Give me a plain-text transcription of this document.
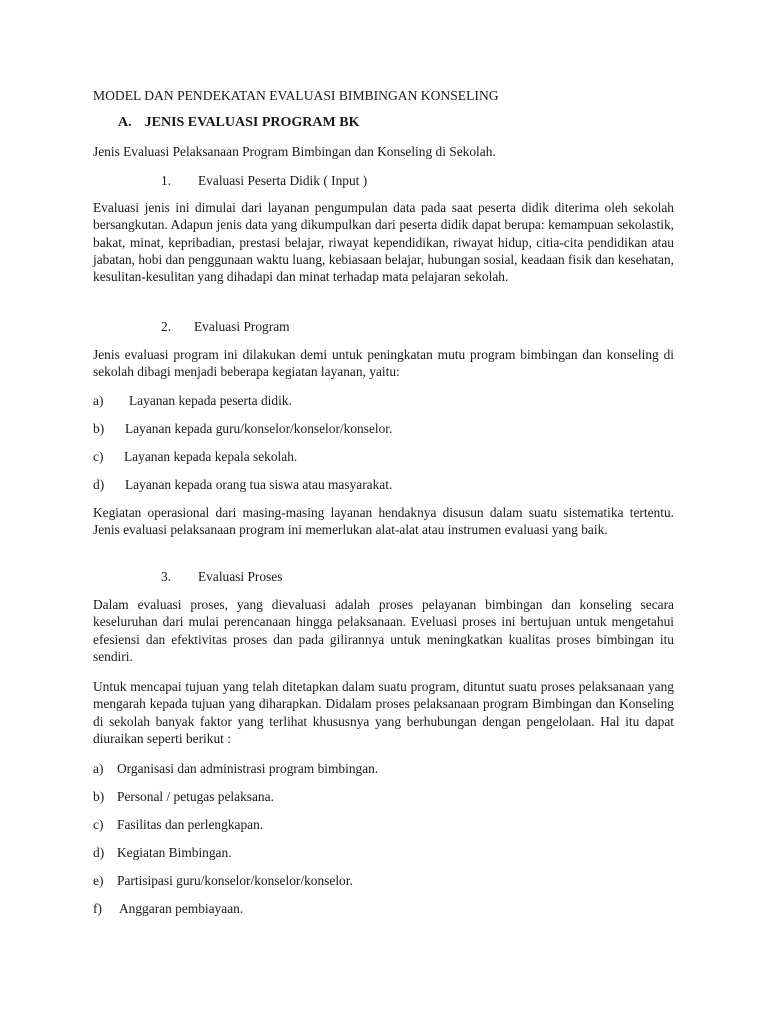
MODEL DAN PENDEKATAN EVALUASI BIMBINGAN KONSELING
A. JENIS EVALUASI PROGRAM BK
Jenis Evaluasi Pelaksanaan Program Bimbingan dan Konseling di Sekolah.
1. Evaluasi Peserta Didik ( Input )

Evaluasi jenis ini dimulai dari layanan pengumpulan data pada saat peserta didik diterima oleh sekolah bersangkutan. Adapun jenis data yang dikumpulkan dari peserta didik dapat berupa: kemampuan sekolastik, bakat, minat, kepribadian, prestasi belajar, riwayat kependidikan, riwayat hidup, citia-cita pendidikan atau jabatan, hobi dan penggunaan waktu luang, kebiasaan belajar, hubungan sosial, keadaan fisik dan kesehatan, kesulitan-kesulitan yang dihadapi dan minat terhadap mata pelajaran sekolah.

2. Evaluasi Program

Jenis evaluasi program ini dilakukan demi untuk peningkatan mutu program bimbingan dan konseling di sekolah dibagi menjadi beberapa kegiatan layanan, yaitu:

a) Layanan kepada peserta didik.
b) Layanan kepada guru/konselor/konselor/konselor.
c) Layanan kepada kepala sekolah.
d) Layanan kepada orang tua siswa atau masyarakat.

Kegiatan operasional dari masing-masing layanan hendaknya disusun dalam suatu sistematika tertentu. Jenis evaluasi pelaksanaan program ini memerlukan alat-alat atau instrumen evaluasi yang baik.

3. Evaluasi Proses

Dalam evaluasi proses, yang dievaluasi adalah proses pelayanan bimbingan dan konseling secara keseluruhan dari mulai perencanaan hingga pelaksanaan. Eveluasi proses ini bertujuan untuk mengetahui efesiensi dan efektivitas proses dan pada gilirannya untuk meningkatkan kualitas proses bimbingan itu sendiri.

Untuk mencapai tujuan yang telah ditetapkan dalam suatu program, dituntut suatu proses pelaksanaan yang mengarah kepada tujuan yang diharapkan. Didalam proses pelaksanaan program Bimbingan dan Konseling di sekolah banyak faktor yang terlihat khususnya yang berhubungan dengan pengelolaan. Hal itu dapat diuraikan seperti berikut :

a) Organisasi dan administrasi program bimbingan.
b) Personal / petugas pelaksana.
c) Fasilitas dan perlengkapan.
d) Kegiatan Bimbingan.
e) Partisipasi guru/konselor/konselor/konselor.
f) Anggaran pembiayaan.
